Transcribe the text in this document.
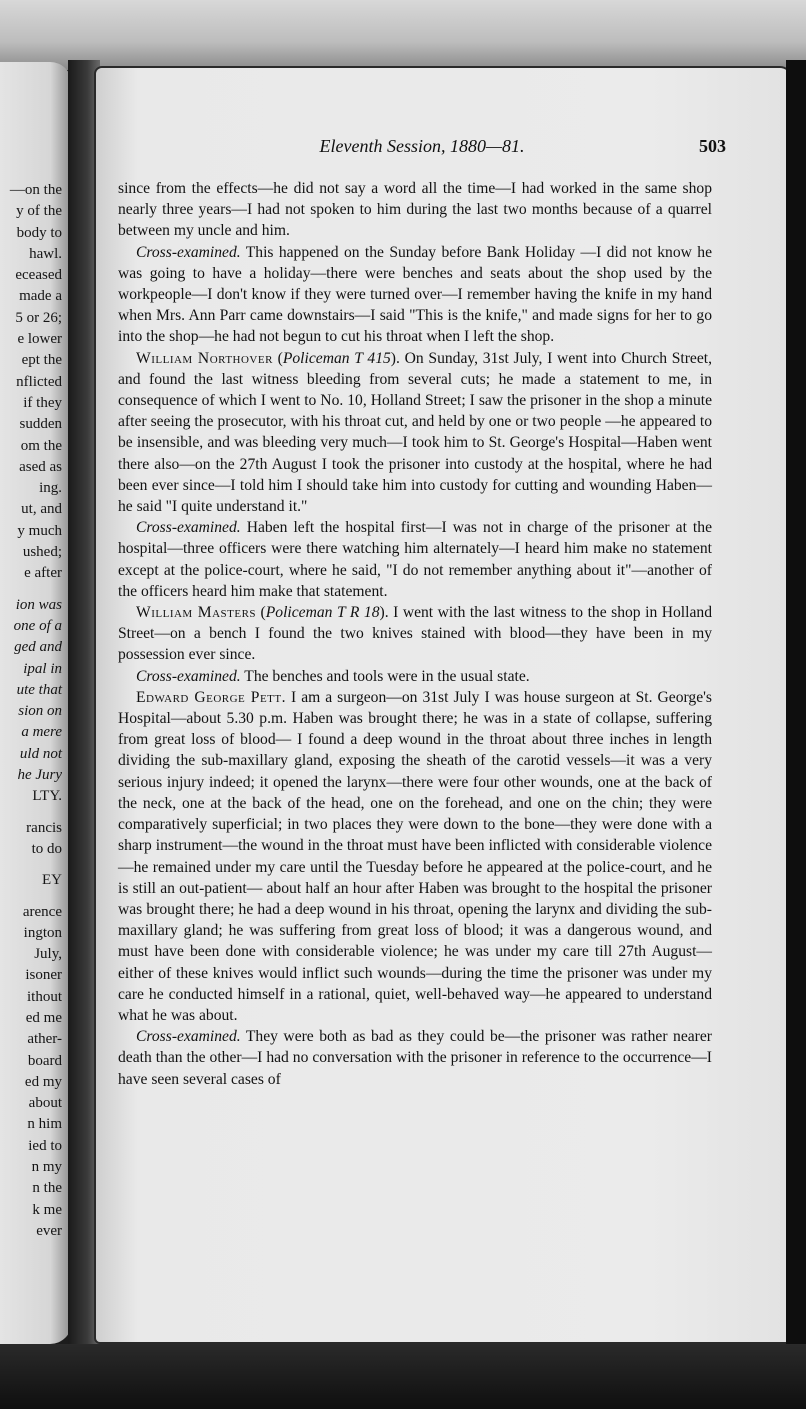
—on the
y of the
body to
hawl.
eceased
made a
5 or 26;
e lower
ept the
nflicted
if they
sudden
om the
ased as
ing.
ut, and
y much
ushed;
e after
ion was
one of a
ged and
ipal in
ute that
sion on
a mere
uld not
he Jury
LTY.
rancis
to do
EY
arence
ington
July,
isoner
ithout
ed me
ather-
board
ed my
about
n him
ied to
n my
n the
k me
ever
Eleventh Session, 1880—81.	503

since from the effects—he did not say a word all the time—I had worked in the same shop nearly three years—I had not spoken to him during the last two months because of a quarrel between my uncle and him.

Cross-examined. This happened on the Sunday before Bank Holiday —I did not know he was going to have a holiday—there were benches and seats about the shop used by the workpeople—I don't know if they were turned over—I remember having the knife in my hand when Mrs. Ann Parr came downstairs—I said "This is the knife," and made signs for her to go into the shop—he had not begun to cut his throat when I left the shop.

William Northover (Policeman T 415). On Sunday, 31st July, I went into Church Street, and found the last witness bleeding from several cuts; he made a statement to me, in consequence of which I went to No. 10, Holland Street; I saw the prisoner in the shop a minute after seeing the prosecutor, with his throat cut, and held by one or two people —he appeared to be insensible, and was bleeding very much—I took him to St. George's Hospital—Haben went there also—on the 27th August I took the prisoner into custody at the hospital, where he had been ever since—I told him I should take him into custody for cutting and wounding Haben—he said "I quite understand it."

Cross-examined. Haben left the hospital first—I was not in charge of the prisoner at the hospital—three officers were there watching him alternately—I heard him make no statement except at the police-court, where he said, "I do not remember anything about it"—another of the officers heard him make that statement.

William Masters (Policeman T R 18). I went with the last witness to the shop in Holland Street—on a bench I found the two knives stained with blood—they have been in my possession ever since.

Cross-examined. The benches and tools were in the usual state.

Edward George Pett. I am a surgeon—on 31st July I was house surgeon at St. George's Hospital—about 5.30 p.m. Haben was brought there; he was in a state of collapse, suffering from great loss of blood— I found a deep wound in the throat about three inches in length dividing the sub-maxillary gland, exposing the sheath of the carotid vessels—it was a very serious injury indeed; it opened the larynx—there were four other wounds, one at the back of the neck, one at the back of the head, one on the forehead, and one on the chin; they were comparatively superficial; in two places they were down to the bone—they were done with a sharp instrument—the wound in the throat must have been inflicted with considerable violence—he remained under my care until the Tuesday before he appeared at the police-court, and he is still an out-patient— about half an hour after Haben was brought to the hospital the prisoner was brought there; he had a deep wound in his throat, opening the larynx and dividing the sub-maxillary gland; he was suffering from great loss of blood; it was a dangerous wound, and must have been done with considerable violence; he was under my care till 27th August— either of these knives would inflict such wounds—during the time the prisoner was under my care he conducted himself in a rational, quiet, well-behaved way—he appeared to understand what he was about.

Cross-examined. They were both as bad as they could be—the prisoner was rather nearer death than the other—I had no conversation with the prisoner in reference to the occurrence—I have seen several cases of
